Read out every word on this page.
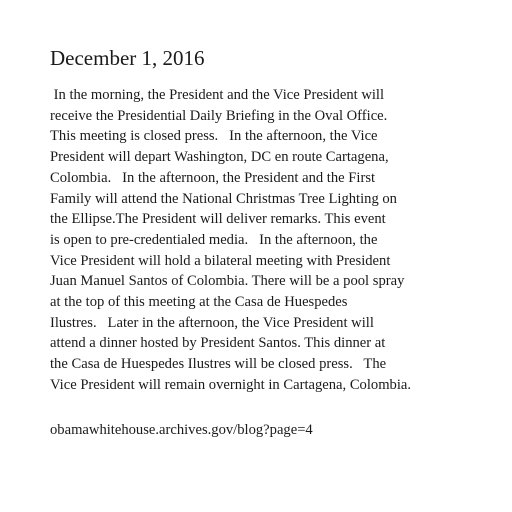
December 1, 2016

In the morning, the President and the Vice President will

receive the Presidential Daily Briefing in the Oval Office.

This meeting is closed press.   In the afternoon, the Vice

President will depart Washington, DC en route Cartagena,

Colombia.   In the afternoon, the President and the First

Family will attend the National Christmas Tree Lighting on

the Ellipse.The President will deliver remarks. This event

is open to pre-credentialed media.   In the afternoon, the

Vice President will hold a bilateral meeting with President

Juan Manuel Santos of Colombia. There will be a pool spray

at the top of this meeting at the Casa de Huespedes

Ilustres.   Later in the afternoon, the Vice President will

attend a dinner hosted by President Santos. This dinner at

the Casa de Huespedes Ilustres will be closed press.   The

Vice President will remain overnight in Cartagena, Colombia.

obamawhitehouse.archives.gov/blog?page=4
